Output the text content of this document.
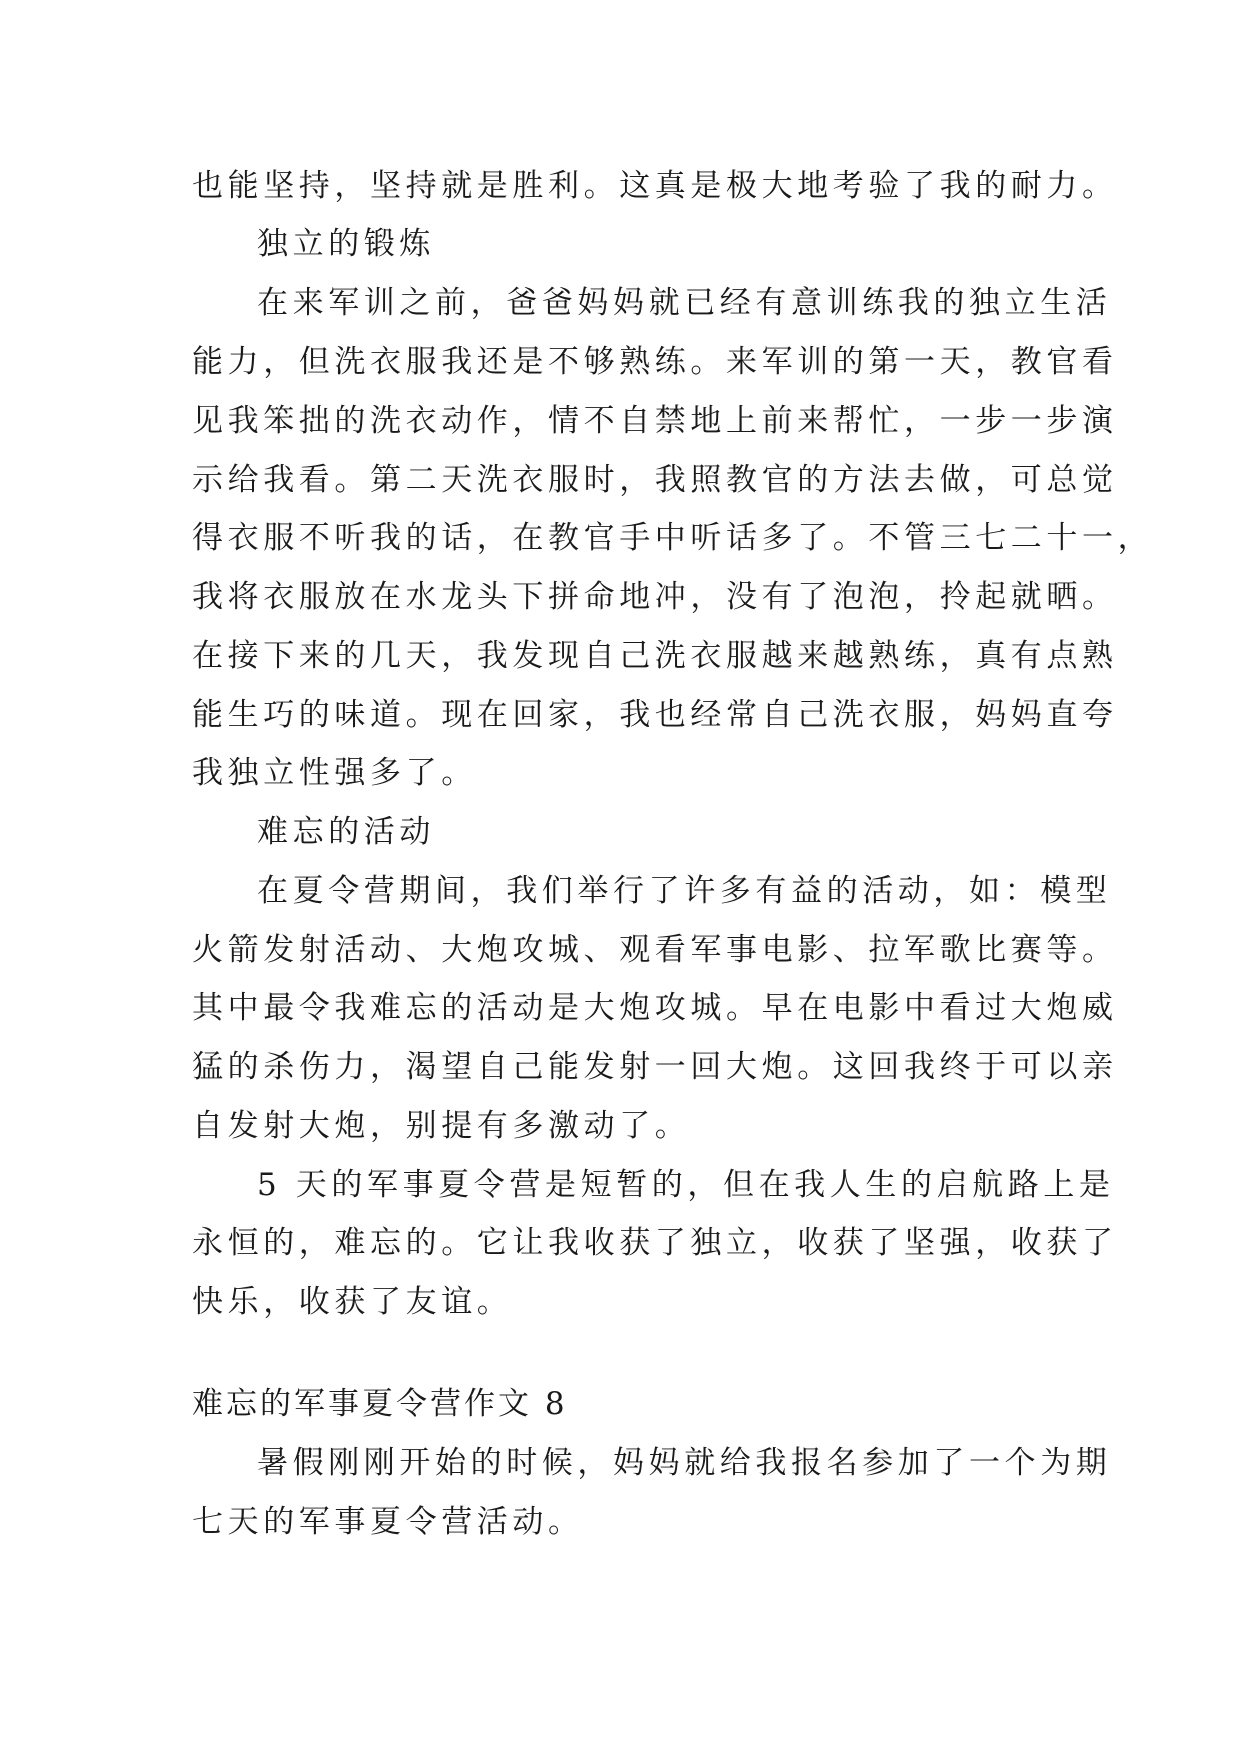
也能坚持，坚持就是胜利。这真是极大地考验了我的耐力。
独立的锻炼
在来军训之前，爸爸妈妈就已经有意训练我的独立生活
能力，但洗衣服我还是不够熟练。来军训的第一天，教官看
见我笨拙的洗衣动作，情不自禁地上前来帮忙，一步一步演
示给我看。第二天洗衣服时，我照教官的方法去做，可总觉
得衣服不听我的话，在教官手中听话多了。不管三七二十一，
我将衣服放在水龙头下拼命地冲，没有了泡泡，拎起就晒。
在接下来的几天，我发现自己洗衣服越来越熟练，真有点熟
能生巧的味道。现在回家，我也经常自己洗衣服，妈妈直夸
我独立性强多了。
难忘的活动
在夏令营期间，我们举行了许多有益的活动，如：模型
火箭发射活动、大炮攻城、观看军事电影、拉军歌比赛等。
其中最令我难忘的活动是大炮攻城。早在电影中看过大炮威
猛的杀伤力，渴望自己能发射一回大炮。这回我终于可以亲
自发射大炮，别提有多激动了。
5 天的军事夏令营是短暂的，但在我人生的启航路上是
永恒的，难忘的。它让我收获了独立，收获了坚强，收获了
快乐，收获了友谊。
难忘的军事夏令营作文 8
暑假刚刚开始的时候，妈妈就给我报名参加了一个为期
七天的军事夏令营活动。
